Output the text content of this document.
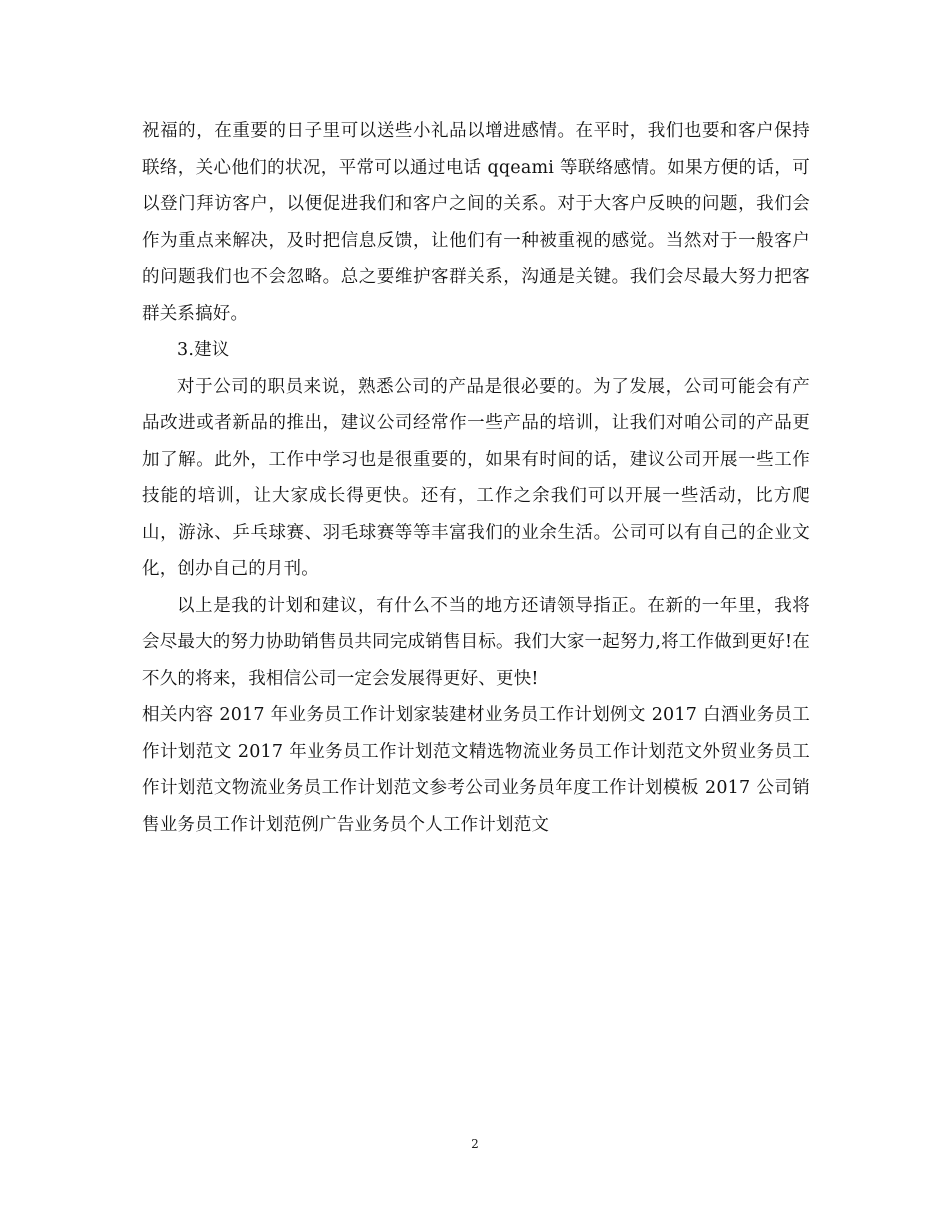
祝福的，在重要的日子里可以送些小礼品以增进感情。在平时，我们也要和客户保持联络，关心他们的状况，平常可以通过电话 qqeami 等联络感情。如果方便的话，可以登门拜访客户，以便促进我们和客户之间的关系。对于大客户反映的问题，我们会作为重点来解决，及时把信息反馈，让他们有一种被重视的感觉。当然对于一般客户的问题我们也不会忽略。总之要维护客群关系，沟通是关键。我们会尽最大努力把客群关系搞好。

3.建议

对于公司的职员来说，熟悉公司的产品是很必要的。为了发展，公司可能会有产品改进或者新品的推出，建议公司经常作一些产品的培训，让我们对咱公司的产品更加了解。此外，工作中学习也是很重要的，如果有时间的话，建议公司开展一些工作技能的培训，让大家成长得更快。还有，工作之余我们可以开展一些活动，比方爬山，游泳、乒乓球赛、羽毛球赛等等丰富我们的业余生活。公司可以有自己的企业文化，创办自己的月刊。

以上是我的计划和建议，有什么不当的地方还请领导指正。在新的一年里，我将会尽最大的努力协助销售员共同完成销售目标。我们大家一起努力,将工作做到更好!在不久的将来，我相信公司一定会发展得更好、更快!

相关内容 2017 年业务员工作计划家装建材业务员工作计划例文 2017 白酒业务员工作计划范文 2017 年业务员工作计划范文精选物流业务员工作计划范文外贸业务员工作计划范文物流业务员工作计划范文参考公司业务员年度工作计划模板 2017 公司销售业务员工作计划范例广告业务员个人工作计划范文

2
